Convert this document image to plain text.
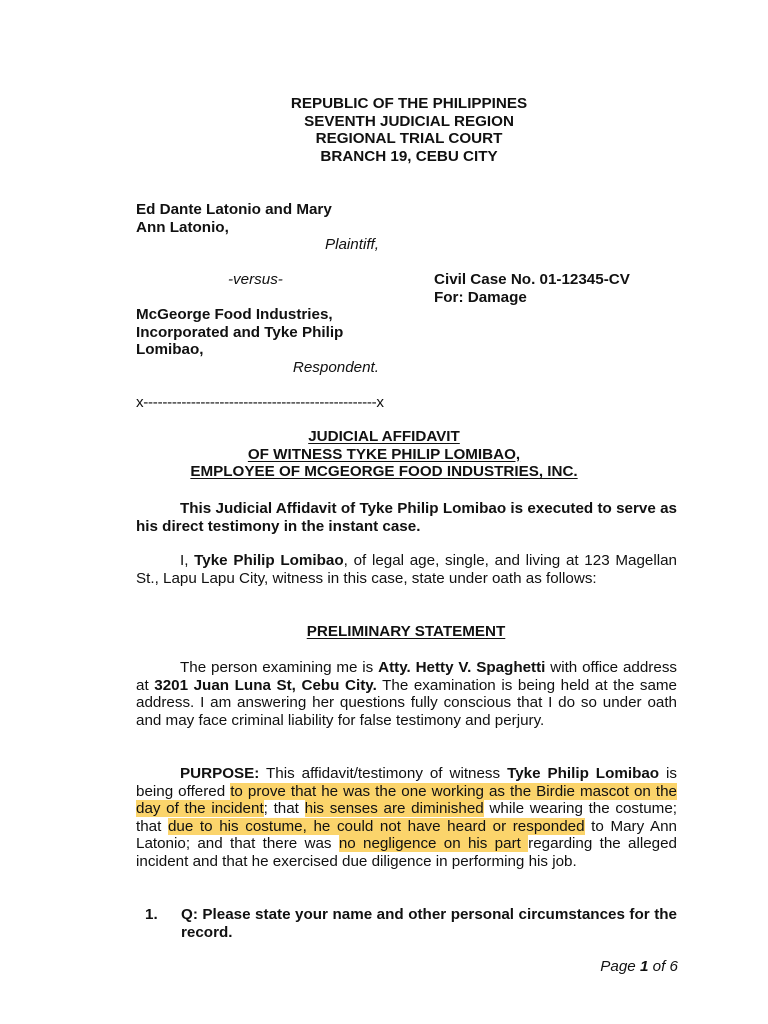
REPUBLIC OF THE PHILIPPINES
SEVENTH JUDICIAL REGION
REGIONAL TRIAL COURT
BRANCH 19, CEBU CITY
Ed Dante Latonio and Mary
Ann Latonio,
Plaintiff,
-versus-
McGeorge Food Industries,
Incorporated and Tyke Philip
Lomibao,
Respondent.
Civil Case No. 01-12345-CV
For: Damage
x-------------------------------------------------x
JUDICIAL AFFIDAVIT
OF WITNESS TYKE PHILIP LOMIBAO,
EMPLOYEE OF MCGEORGE FOOD INDUSTRIES, INC.
This Judicial Affidavit of Tyke Philip Lomibao is executed to serve as his direct testimony in the instant case.
I, Tyke Philip Lomibao, of legal age, single, and living at 123 Magellan St., Lapu Lapu City, witness in this case, state under oath as follows:
PRELIMINARY STATEMENT
The person examining me is Atty. Hetty V. Spaghetti with office address at 3201 Juan Luna St, Cebu City. The examination is being held at the same address. I am answering her questions fully conscious that I do so under oath and may face criminal liability for false testimony and perjury.
PURPOSE: This affidavit/testimony of witness Tyke Philip Lomibao is being offered to prove that he was the one working as the Birdie mascot on the day of the incident; that his senses are diminished while wearing the costume; that due to his costume, he could not have heard or responded to Mary Ann Latonio; and that there was no negligence on his part regarding the alleged incident and that he exercised due diligence in performing his job.
1. Q: Please state your name and other personal circumstances for the record.
Page 1 of 6
